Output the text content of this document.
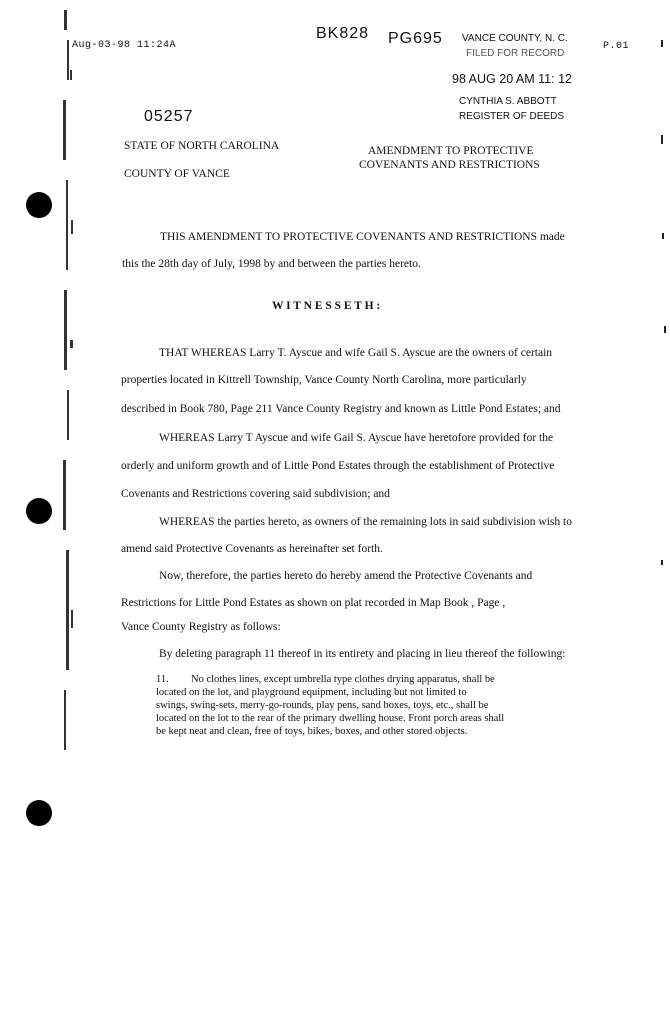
Aug-03-98 11:24A	P.01
BK828 PG695 VANCE COUNTY, N. C.
FILED FOR RECORD
98 AUG 20 AM 11: 12
CYNTHIA S. ABBOTT
REGISTER OF DEEDS
05257
STATE OF NORTH CAROLINA
COUNTY OF VANCE
AMENDMENT TO PROTECTIVE
COVENANTS AND RESTRICTIONS
THIS AMENDMENT TO PROTECTIVE COVENANTS AND RESTRICTIONS made
this the 28th day of July, 1998 by and between the parties hereto.
W I T N E S S E T H :
THAT WHEREAS Larry T. Ayscue and wife Gail S. Ayscue are the owners of certain
properties located in Kittrell Township, Vance County North Carolina, more particularly
described in Book 780, Page 211 Vance County Registry and known as Little Pond Estates; and
WHEREAS Larry T Ayscue and wife Gail S. Ayscue have heretofore provided for the
orderly and uniform growth and of Little Pond Estates through the establishment of Protective
Covenants and Restrictions covering said subdivision; and
WHEREAS the parties hereto, as owners of the remaining lots in said subdivision wish to
amend said Protective Covenants as hereinafter set forth.
Now, therefore, the parties hereto do hereby amend the Protective Covenants and
Restrictions for Little Pond Estates as shown on plat recorded in Map Book , Page ,
Vance County Registry as follows:
By deleting paragraph 11 thereof in its entirety and placing in lieu thereof the following:
11. No clothes lines, except umbrella type clothes drying apparatus, shall be
located on the lot, and playground equipment, including but not limited to
swings, swing-sets, merry-go-rounds, play pens, sand boxes, toys, etc., shall be
located on the lot to the rear of the primary dwelling house. Front porch areas shall
be kept neat and clean, free of toys, bikes, boxes, and other stored objects.
